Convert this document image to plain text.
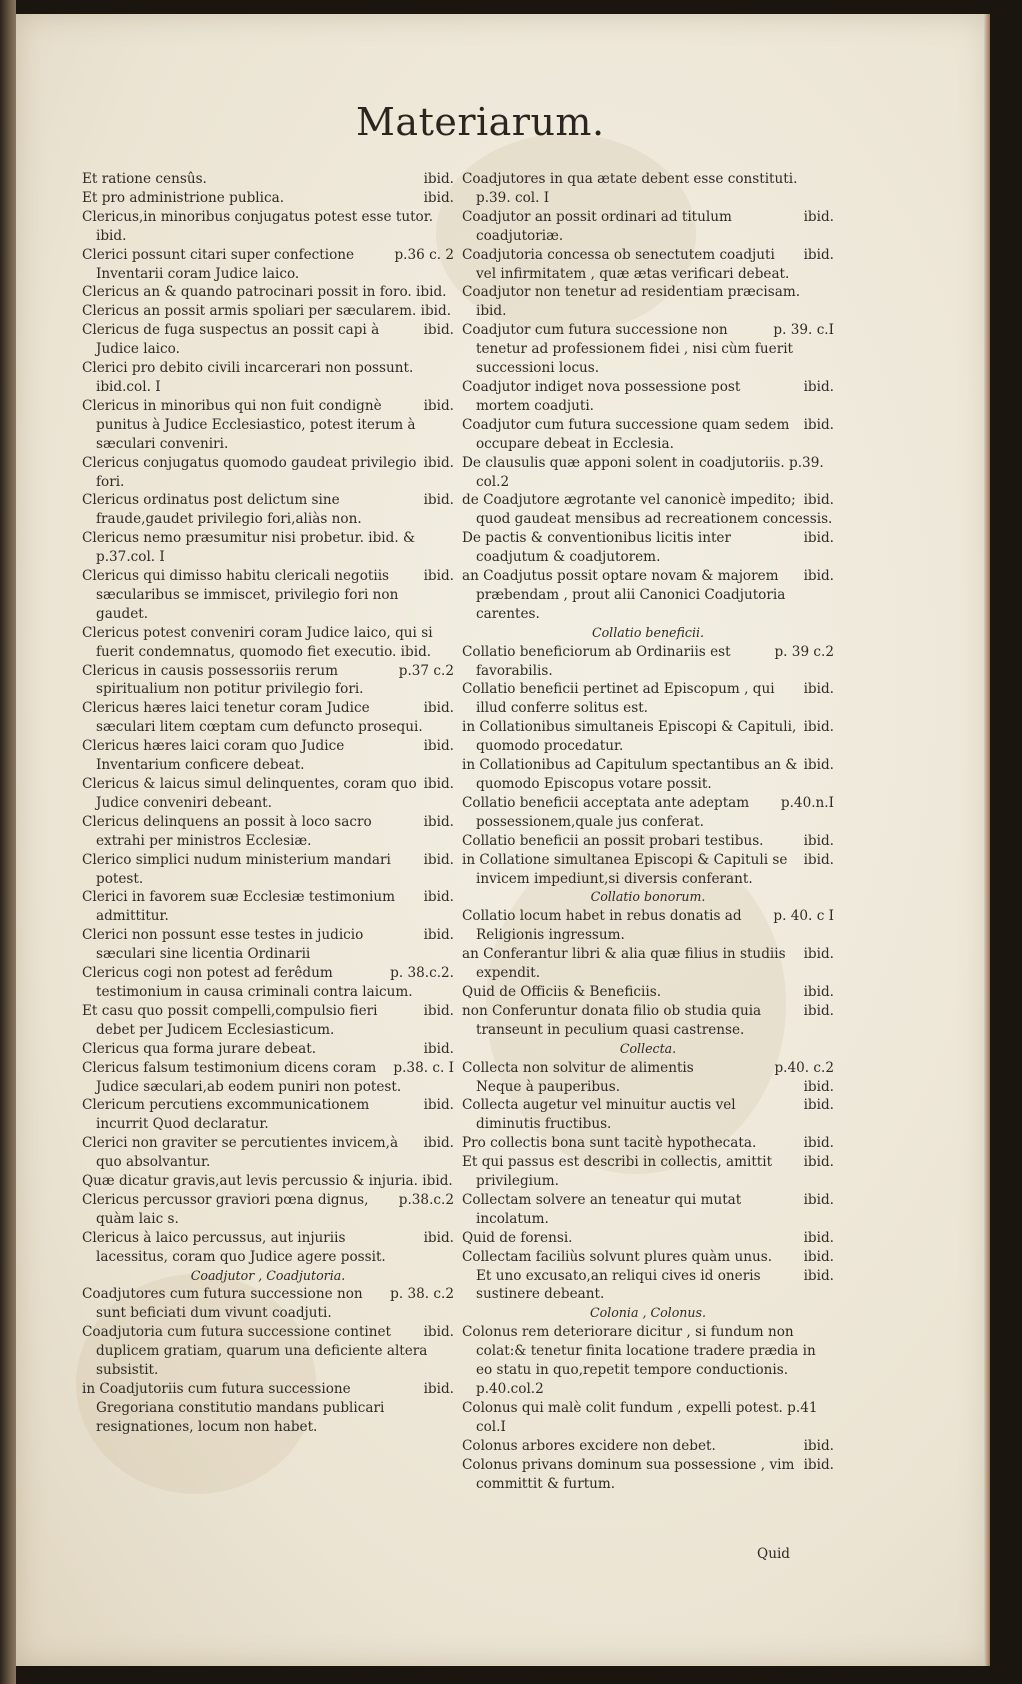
Materiarum.

ibid.
Et ratione censûs.

ibid.
Et pro administrione publica.

Clericus,in minoribus conjugatus potest esse tutor. ibid.

p.36 c. 2
Clerici possunt citari super confectione Inventarii coram Judice laico.

Clericus an & quando patrocinari possit in foro. ibid.

Clericus an possit armis spoliari per sæcularem. ibid.

ibid.
Clericus de fuga suspectus an possit capi à Judice laico.

Clerici pro debito civili incarcerari non possunt. ibid.col. I

ibid.
Clericus in minoribus qui non fuit condignè punitus à Judice Ecclesiastico, potest iterum à sæculari conveniri.

ibid.
Clericus conjugatus quomodo gaudeat privilegio fori.

ibid.
Clericus ordinatus post delictum sine fraude,gaudet privilegio fori,aliàs non.

Clericus nemo præsumitur nisi probetur. ibid. & p.37.col. I

ibid.
Clericus qui dimisso habitu clericali negotiis sæcularibus se immiscet, privilegio fori non gaudet.

Clericus potest conveniri coram Judice laico, qui si fuerit condemnatus, quomodo fiet executio. ibid.

p.37 c.2
Clericus in causis possessoriis rerum spiritualium non potitur privilegio fori.

ibid.
Clericus hæres laici tenetur coram Judice sæculari litem cœptam cum defuncto prosequi.

ibid.
Clericus hæres laici coram quo Judice Inventarium conficere debeat.

ibid.
Clericus & laicus simul delinquentes, coram quo Judice conveniri debeant.

ibid.
Clericus delinquens an possit à loco sacro extrahi per ministros Ecclesiæ.

ibid.
Clerico simplici nudum ministerium mandari potest.

ibid.
Clerici in favorem suæ Ecclesiæ testimonium admittitur.

ibid.
Clerici non possunt esse testes in judicio sæculari sine licentia Ordinarii

p. 38.c.2.
Clericus cogi non potest ad ferêdum testimonium in causa criminali contra laicum.

ibid.
Et casu quo possit compelli,compulsio fieri debet per Judicem Ecclesiasticum.

ibid.
Clericus qua forma jurare debeat.

p.38. c. I
Clericus falsum testimonium dicens coram Judice sæculari,ab eodem puniri non potest.

ibid.
Clericum percutiens excommunicationem incurrit Quod declaratur.

ibid.
Clerici non graviter se percutientes invicem,à quo absolvantur.

Quæ dicatur gravis,aut levis percussio & injuria. ibid.

p.38.c.2
Clericus percussor graviori pœna dignus, quàm laic s.

ibid.
Clericus à laico percussus, aut injuriis lacessitus, coram quo Judice agere possit.

Coadjutor , Coadjutoria.

p. 38. c.2
Coadjutores cum futura successione non sunt beficiati dum vivunt coadjuti.

ibid.
Coadjutoria cum futura successione continet duplicem gratiam, quarum una deficiente altera subsistit.

ibid.
in Coadjutoriis cum futura successione Gregoriana constitutio mandans publicari resignationes, locum non habet.

Coadjutores in qua ætate debent esse constituti. p.39. col. I

ibid.
Coadjutor an possit ordinari ad titulum coadjutoriæ.

ibid.
Coadjutoria concessa ob senectutem coadjuti vel infirmitatem , quæ ætas verificari debeat.

Coadjutor non tenetur ad residentiam præcisam. ibid.

p. 39. c.I
Coadjutor cum futura successione non tenetur ad professionem fidei , nisi cùm fuerit successioni locus.

ibid.
Coadjutor indiget nova possessione post mortem coadjuti.

ibid.
Coadjutor cum futura successione quam sedem occupare debeat in Ecclesia.

De clausulis quæ apponi solent in coadjutoriis. p.39. col.2

ibid.
de Coadjutore ægrotante vel canonicè impedito; quod gaudeat mensibus ad recreationem concessis.

ibid.
De pactis & conventionibus licitis inter coadjutum & coadjutorem.

ibid.
an Coadjutus possit optare novam & majorem præbendam , prout alii Canonici Coadjutoria carentes.

Collatio beneficii.

p. 39 c.2
Collatio beneficiorum ab Ordinariis est favorabilis.

ibid.
Collatio beneficii pertinet ad Episcopum , qui illud conferre solitus est.

ibid.
in Collationibus simultaneis Episcopi & Capituli, quomodo procedatur.

ibid.
in Collationibus ad Capitulum spectantibus an & quomodo Episcopus votare possit.

p.40.n.I
Collatio beneficii acceptata ante adeptam possessionem,quale jus conferat.

ibid.
Collatio beneficii an possit probari testibus.

ibid.
in Collatione simultanea Episcopi & Capituli se invicem impediunt,si diversis conferant.

Collatio bonorum.

p. 40. c I
Collatio locum habet in rebus donatis ad Religionis ingressum.

ibid.
an Conferantur libri & alia quæ filius in studiis expendit.

ibid.
Quid de Officiis & Beneficiis.

ibid.
non Conferuntur donata filio ob studia quia transeunt in peculium quasi castrense.

Collecta.

p.40. c.2
Collecta non solvitur de alimentis

ibid.
Neque à pauperibus.

ibid.
Collecta augetur vel minuitur auctis vel diminutis fructibus.

ibid.
Pro collectis bona sunt tacitè hypothecata.

ibid.
Et qui passus est describi in collectis, amittit privilegium.

ibid.
Collectam solvere an teneatur qui mutat incolatum.

ibid.
Quid de forensi.

ibid.
Collectam faciliùs solvunt plures quàm unus.

ibid.
Et uno excusato,an reliqui cives id oneris sustinere debeant.

Colonia , Colonus.

Colonus rem deteriorare dicitur , si fundum non colat:& tenetur finita locatione tradere prædia in eo statu in quo,repetit tempore conductionis. p.40.col.2

Colonus qui malè colit fundum , expelli potest. p.41 col.I

ibid.
Colonus arbores excidere non debet.

ibid.
Colonus privans dominum sua possessione , vim committit & furtum.

Quid
